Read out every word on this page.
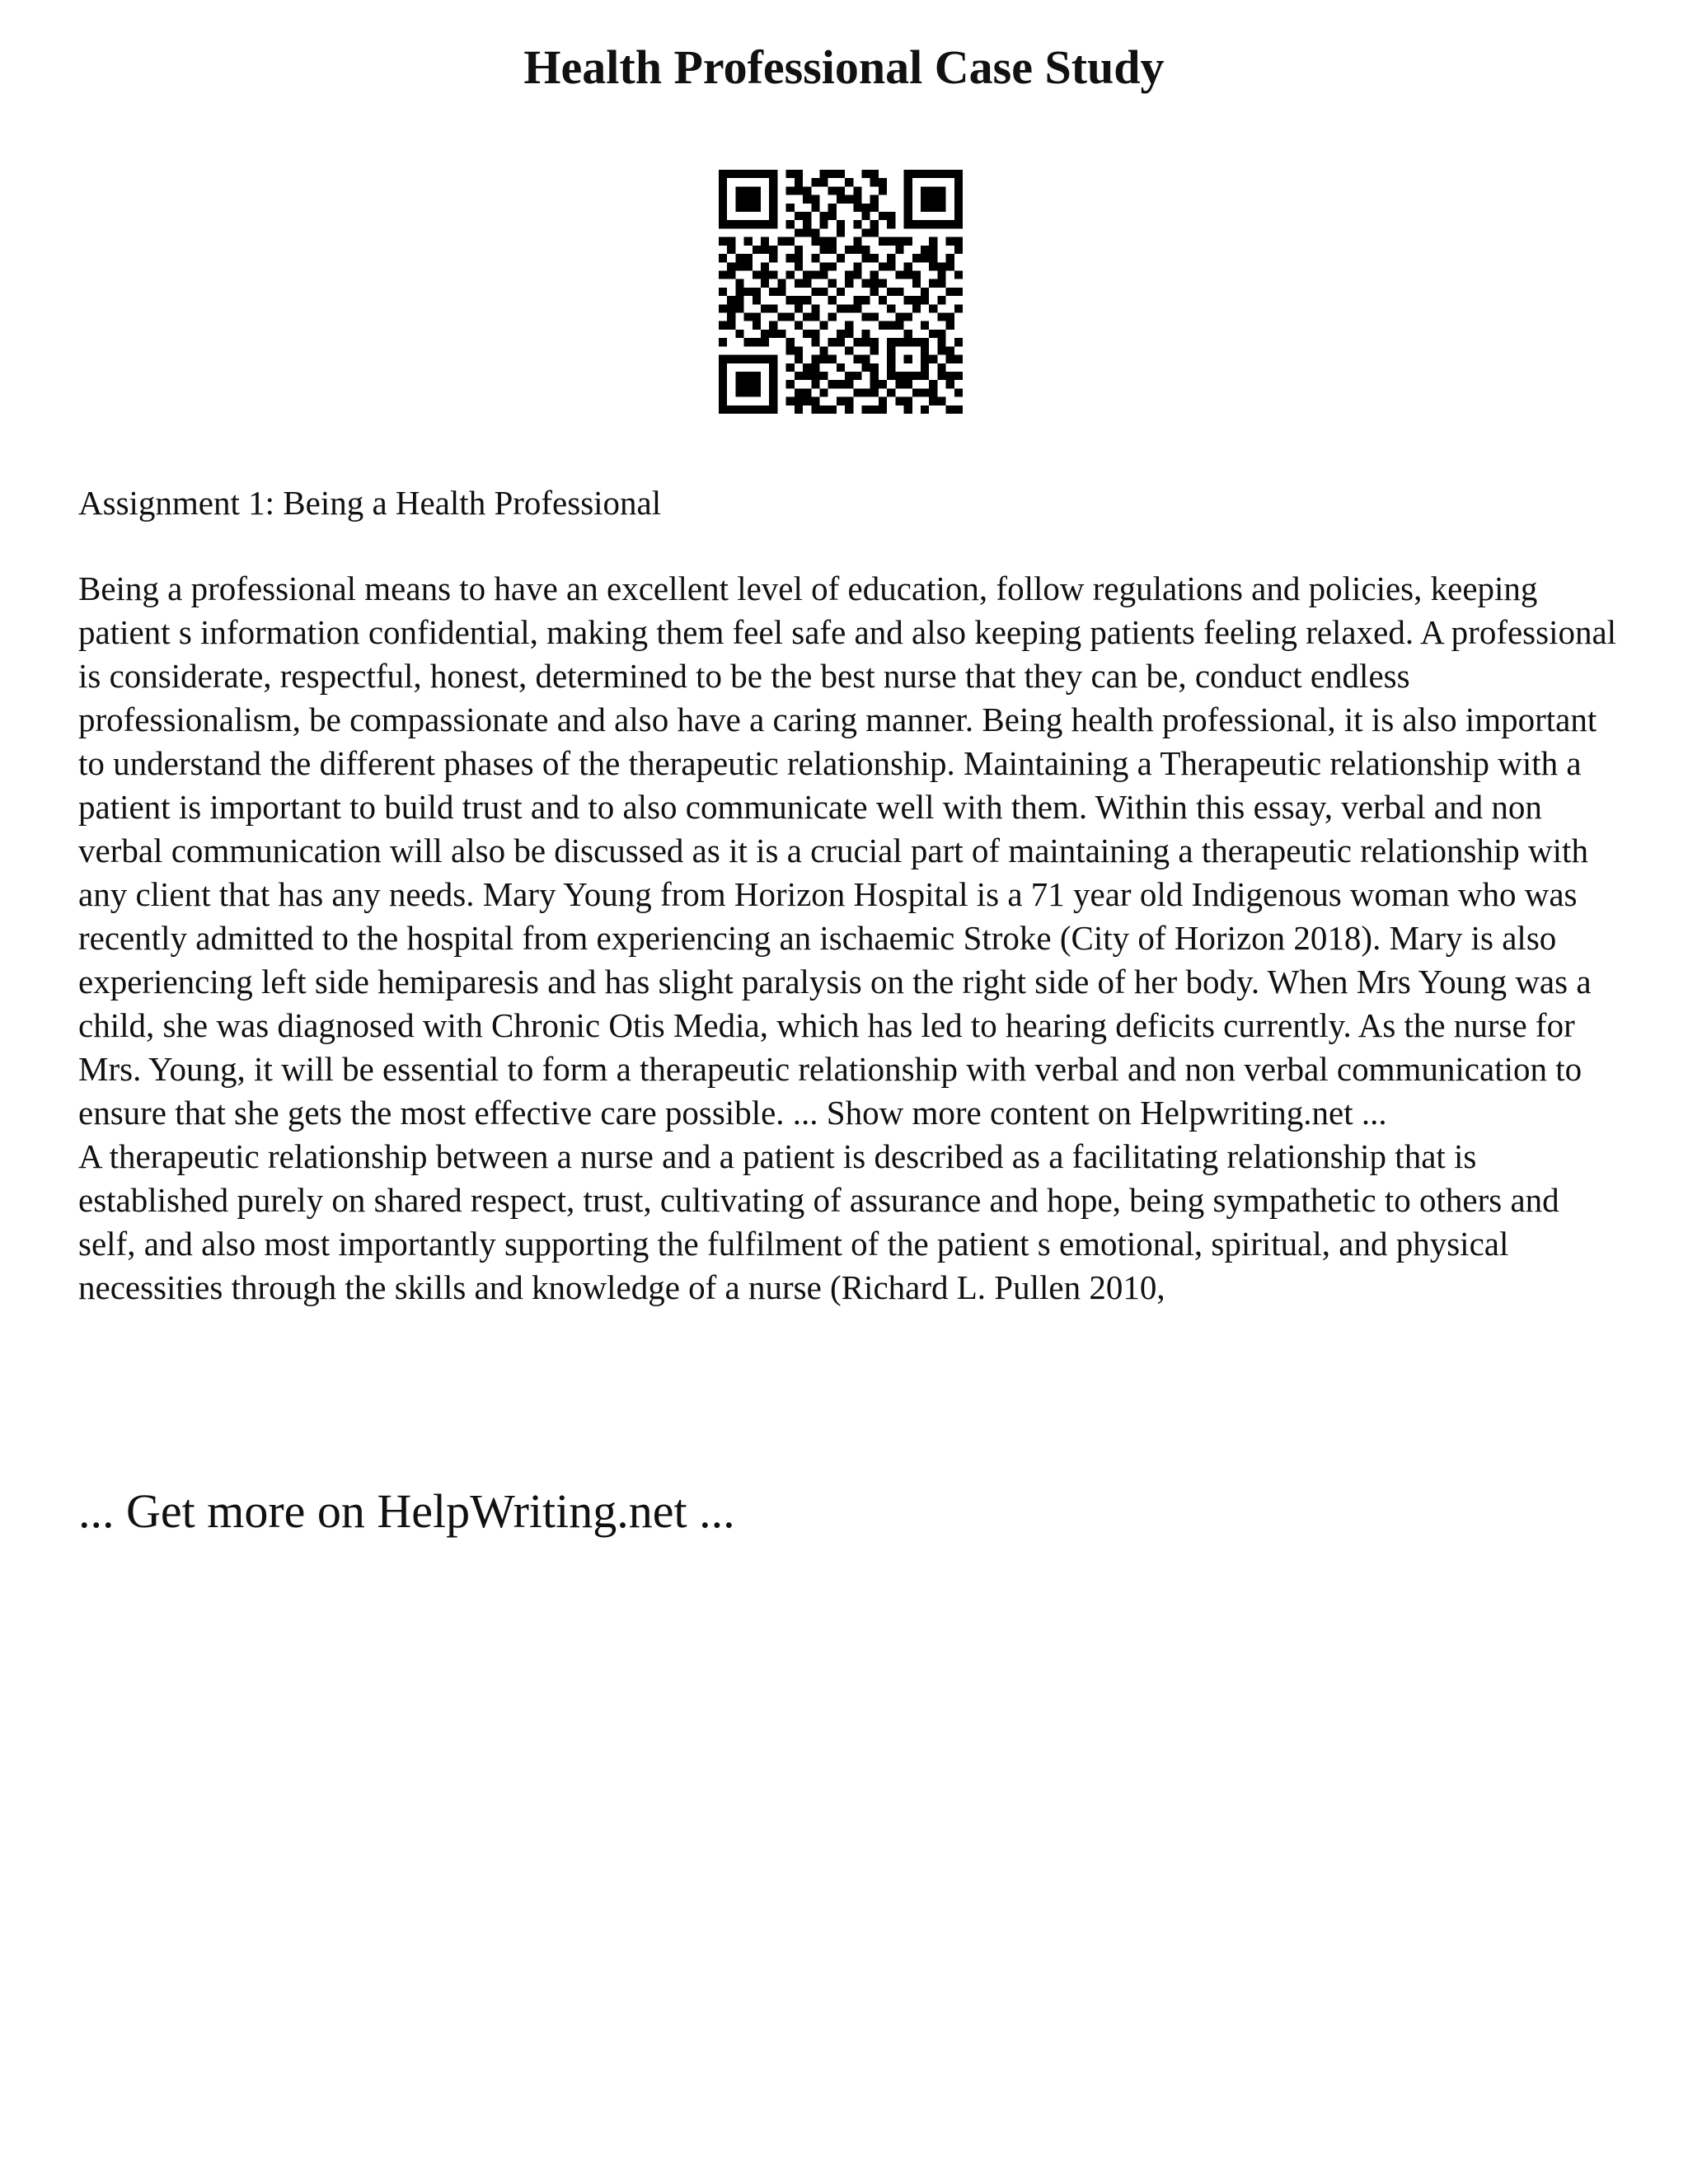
Health Professional Case Study

Assignment 1: Being a Health Professional

Being a professional means to have an excellent level of education, follow regulations and policies, keeping patient s information confidential, making them feel safe and also keeping patients feeling relaxed. A professional is considerate, respectful, honest, determined to be the best nurse that they can be, conduct endless professionalism, be compassionate and also have a caring manner. Being health professional, it is also important to understand the different phases of the therapeutic relationship. Maintaining a Therapeutic relationship with a patient is important to build trust and to also communicate well with them. Within this essay, verbal and non verbal communication will also be discussed as it is a crucial part of maintaining a therapeutic relationship with any client that has any needs. Mary Young from Horizon Hospital is a 71 year old Indigenous woman who was recently admitted to the hospital from experiencing an ischaemic Stroke (City of Horizon 2018). Mary is also experiencing left side hemiparesis and has slight paralysis on the right side of her body. When Mrs Young was a child, she was diagnosed with Chronic Otis Media, which has led to hearing deficits currently. As the nurse for Mrs. Young, it will be essential to form a therapeutic relationship with verbal and non verbal communication to ensure that she gets the most effective care possible. ... Show more content on Helpwriting.net ...

A therapeutic relationship between a nurse and a patient is described as a facilitating relationship that is established purely on shared respect, trust, cultivating of assurance and hope, being sympathetic to others and self, and also most importantly supporting the fulfilment of the patient s emotional, spiritual, and physical necessities through the skills and knowledge of a nurse (Richard L. Pullen 2010,

... Get more on HelpWriting.net ...
